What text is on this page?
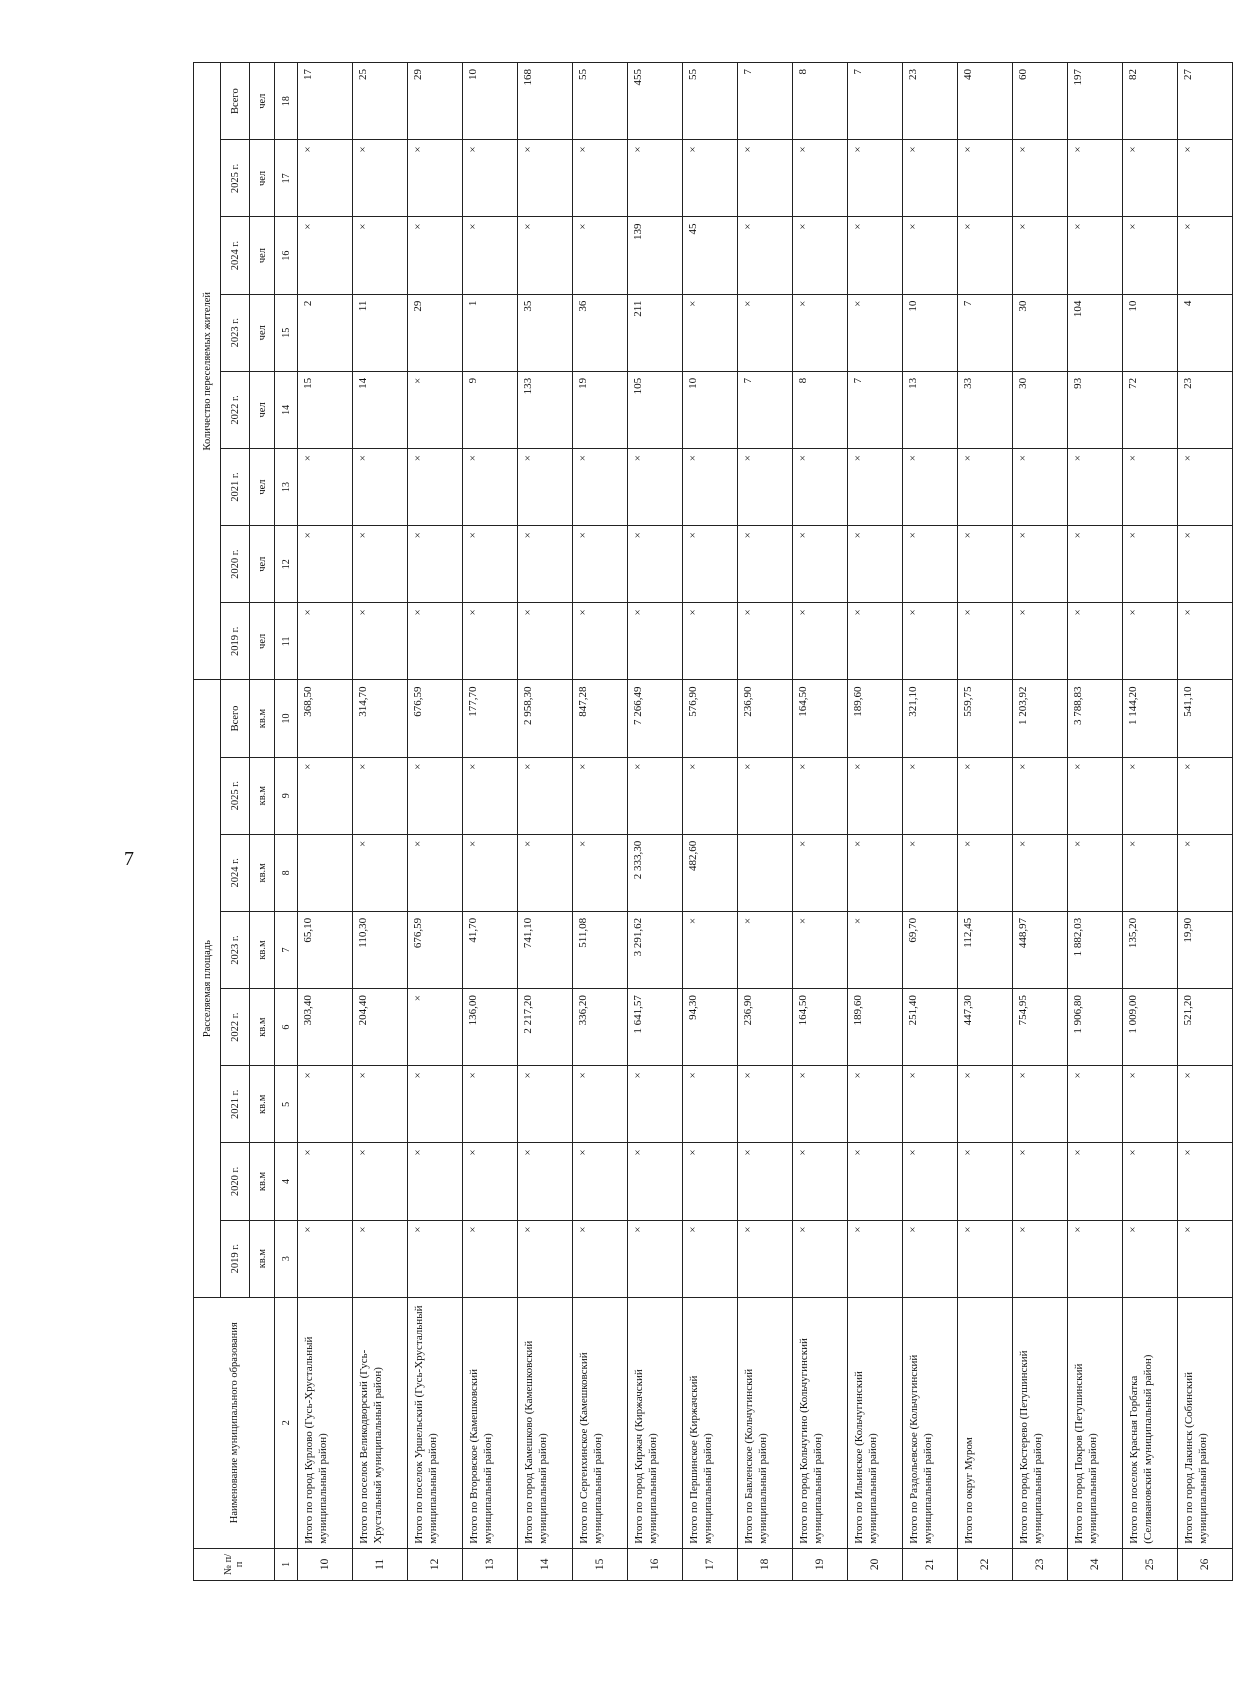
7
№ п/п	Наименование муниципального образования	Расселяемая площадь								Количество переселяемых жителей							
		2019 г.	2020 г.	2021 г.	2022 г.	2023 г.	2024 г.	2025 г.	Всего	2019 г.	2020 г.	2021 г.	2022 г.	2023 г.	2024 г.	2025 г.	Всего
		кв.м	кв.м	кв.м	кв.м	кв.м	кв.м	кв.м	кв.м	чел	чел	чел	чел	чел	чел	чел	чел
1	2	3	4	5	6	7	8	9	10	11	12	13	14	15	16	17	18
10	Итого по город Курлово (Гусь-Хрустальный муниципальный район)	×	×	×	303,40	65,10		×	368,50	×	×	×	15	2	×	×	17
11	Итого по поселок Великодворский (Гусь-Хрустальный муниципальный район)	×	×	×	204,40	110,30	×	×	314,70	×	×	×	14	11	×	×	25
12	Итого по поселок Уршельский (Гусь-Хрустальный муниципальный район)	×	×	×	×	676,59	×	×	676,59	×	×	×	×	29	×	×	29
13	Итого по Второвское (Камешковский муниципальный район)	×	×	×	136,00	41,70	×	×	177,70	×	×	×	9	1	×	×	10
14	Итого по город Камешково (Камешковский муниципальный район)	×	×	×	2 217,20	741,10	×	×	2 958,30	×	×	×	133	35	×	×	168
15	Итого по Сергеихинское (Камешковский муниципальный район)	×	×	×	336,20	511,08	×	×	847,28	×	×	×	19	36	×	×	55
16	Итого по город Киржач (Киржачский муниципальный район)	×	×	×	1 641,57	3 291,62	2 333,30	×	7 266,49	×	×	×	105	211	139	×	455
17	Итого по Першинское (Киржачский муниципальный район)	×	×	×	94,30	×	482,60	×	576,90	×	×	×	10	×	45	×	55
18	Итого по Бавленское (Кольчугинский муниципальный район)	×	×	×	236,90	×		×	236,90	×	×	×	7	×	×	×	7
19	Итого по город Кольчугино (Кольчугинский муниципальный район)	×	×	×	164,50	×	×	×	164,50	×	×	×	8	×	×	×	8
20	Итого по Ильинское (Кольчугинский муниципальный район)	×	×	×	189,60	×	×	×	189,60	×	×	×	7	×	×	×	7
21	Итого по Раздольевское (Кольчугинский муниципальный район)	×	×	×	251,40	69,70	×	×	321,10	×	×	×	13	10	×	×	23
22	Итого по округ Муром	×	×	×	447,30	112,45	×	×	559,75	×	×	×	33	7	×	×	40
23	Итого по город Костерево (Петушинский муниципальный район)	×	×	×	754,95	448,97	×	×	1 203,92	×	×	×	30	30	×	×	60
24	Итого по город Покров (Петушинский муниципальный район)	×	×	×	1 906,80	1 882,03	×	×	3 788,83	×	×	×	93	104	×	×	197
25	Итого по поселок Красная Горбатка (Селивановский муниципальный район)	×	×	×	1 009,00	135,20	×	×	1 144,20	×	×	×	72	10	×	×	82
26	Итого по город Лакинск (Собинский муниципальный район)	×	×	×	521,20	19,90	×	×	541,10	×	×	×	23	4	×	×	27
